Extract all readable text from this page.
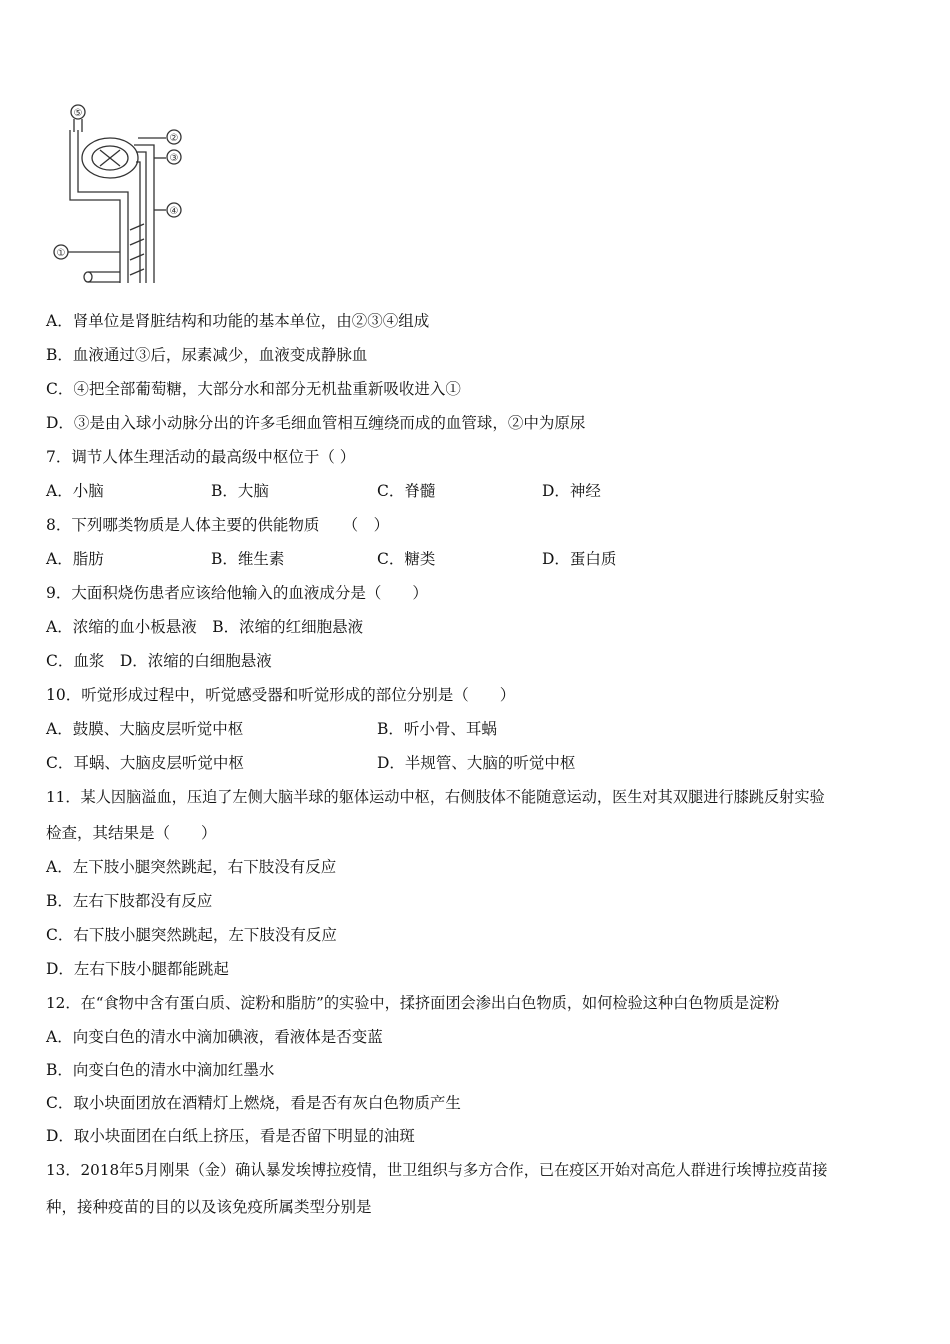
⑤
②
③
④
①
A．肾单位是肾脏结构和功能的基本单位，由②③④组成
B．血液通过③后，尿素减少，血液变成静脉血
C．④把全部葡萄糖，大部分水和部分无机盐重新吸收进入①
D．③是由入球小动脉分出的许多毛细血管相互缠绕而成的血管球，②中为原尿
7．调节人体生理活动的最高级中枢位于（ ）
A．小脑	B．大脑	C．脊髓	D．神经
8．下列哪类物质是人体主要的供能物质　　（　）
A．脂肪	B．维生素	C．糖类	D．蛋白质
9．大面积烧伤患者应该给他输入的血液成分是（　　）
A．浓缩的血小板悬液　B．浓缩的红细胞悬液
C．血浆　D．浓缩的白细胞悬液
10．听觉形成过程中，听觉感受器和听觉形成的部位分别是（　　）
A．鼓膜、大脑皮层听觉中枢	B．听小骨、耳蜗
C．耳蜗、大脑皮层听觉中枢	D．半规管、大脑的听觉中枢
11．某人因脑溢血，压迫了左侧大脑半球的躯体运动中枢，右侧肢体不能随意运动，医生对其双腿进行膝跳反射实验
检查，其结果是（　　）
A．左下肢小腿突然跳起，右下肢没有反应
B．左右下肢都没有反应
C．右下肢小腿突然跳起，左下肢没有反应
D．左右下肢小腿都能跳起
12．在“食物中含有蛋白质、淀粉和脂肪”的实验中，揉挤面团会渗出白色物质，如何检验这种白色物质是淀粉
A．向变白色的清水中滴加碘液，看液体是否变蓝
B．向变白色的清水中滴加红墨水
C．取小块面团放在酒精灯上燃烧，看是否有灰白色物质产生
D．取小块面团在白纸上挤压，看是否留下明显的油斑
13．2018年5月刚果（金）确认暴发埃博拉疫情，世卫组织与多方合作，已在疫区开始对高危人群进行埃博拉疫苗接
种，接种疫苗的目的以及该免疫所属类型分别是
